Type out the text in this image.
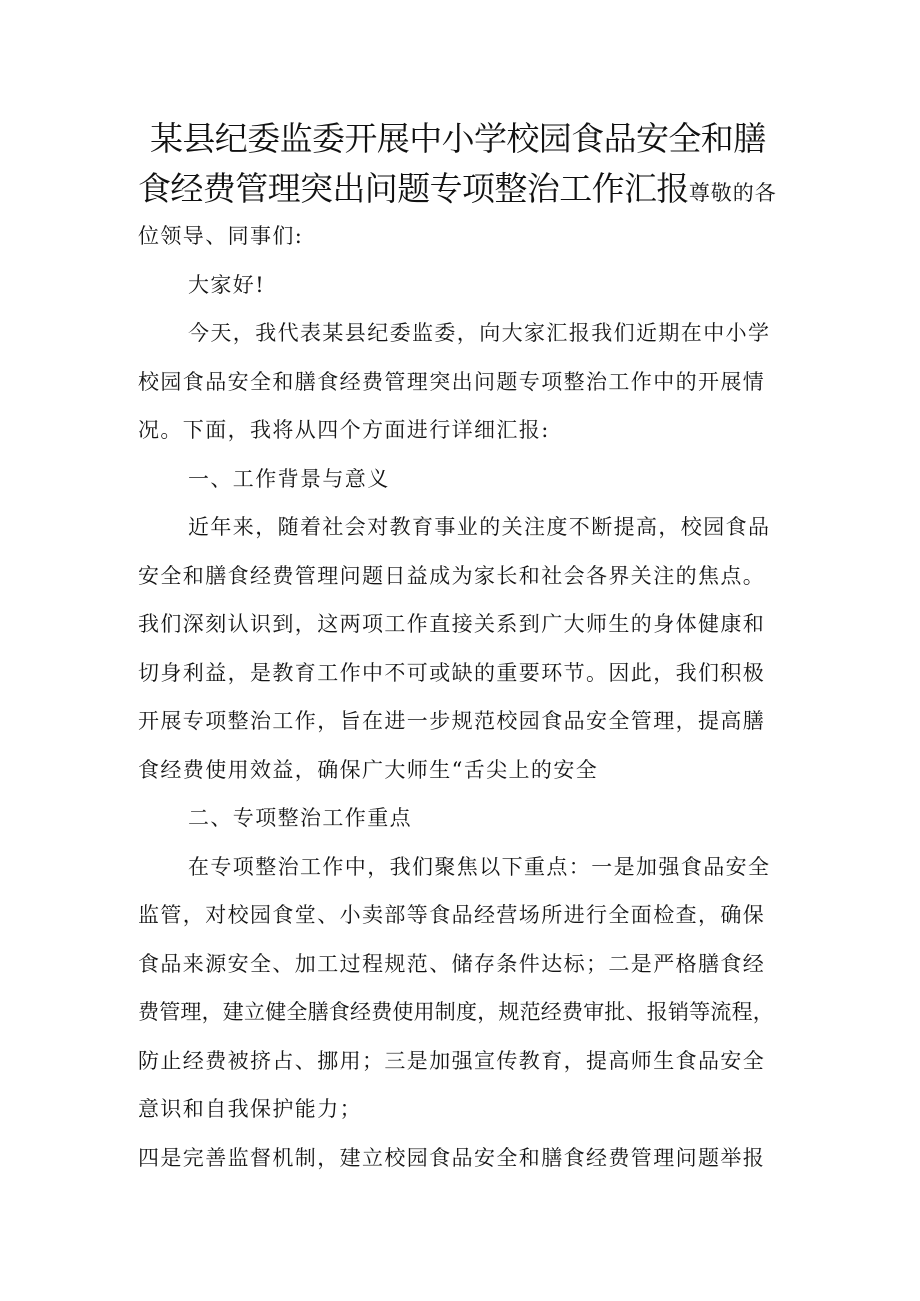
某县纪委监委开展中小学校园食品安全和膳
食经费管理突出问题专项整治工作汇报尊敬的各
位领导、同事们:
大家好!
今天，我代表某县纪委监委，向大家汇报我们近期在中小学
校园食品安全和膳食经费管理突出问题专项整治工作中的开展情
况。下面，我将从四个方面进行详细汇报:
一、工作背景与意义
近年来，随着社会对教育事业的关注度不断提高，校园食品
安全和膳食经费管理问题日益成为家长和社会各界关注的焦点。
我们深刻认识到，这两项工作直接关系到广大师生的身体健康和
切身利益，是教育工作中不可或缺的重要环节。因此，我们积极
开展专项整治工作，旨在进一步规范校园食品安全管理，提高膳
食经费使用效益，确保广大师生“舌尖上的安全
二、专项整治工作重点
在专项整治工作中，我们聚焦以下重点：一是加强食品安全
监管，对校园食堂、小卖部等食品经营场所进行全面检查，确保
食品来源安全、加工过程规范、储存条件达标；二是严格膳食经
费管理，建立健全膳食经费使用制度，规范经费审批、报销等流程，
防止经费被挤占、挪用；三是加强宣传教育，提高师生食品安全
意识和自我保护能力；
四是完善监督机制，建立校园食品安全和膳食经费管理问题举报
